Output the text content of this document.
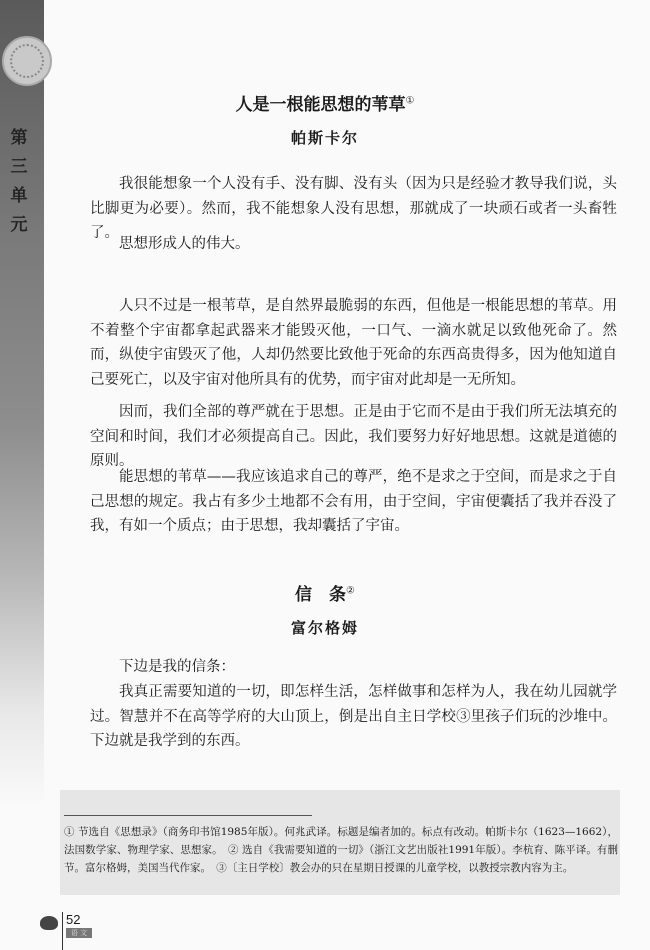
第三单元
人是一根能思想的苇草①
帕斯卡尔
我很能想象一个人没有手、没有脚、没有头（因为只是经验才教导我们说，头比脚更为必要）。然而，我不能想象人没有思想，那就成了一块顽石或者一头畜牲了。
思想形成人的伟大。
人只不过是一根苇草，是自然界最脆弱的东西，但他是一根能思想的苇草。用不着整个宇宙都拿起武器来才能毁灭他，一口气、一滴水就足以致他死命了。然而，纵使宇宙毁灭了他，人却仍然要比致他于死命的东西高贵得多，因为他知道自己要死亡，以及宇宙对他所具有的优势，而宇宙对此却是一无所知。
因而，我们全部的尊严就在于思想。正是由于它而不是由于我们所无法填充的空间和时间，我们才必须提高自己。因此，我们要努力好好地思想。这就是道德的原则。
能思想的苇草——我应该追求自己的尊严，绝不是求之于空间，而是求之于自己思想的规定。我占有多少土地都不会有用，由于空间，宇宙便囊括了我并吞没了我，有如一个质点；由于思想，我却囊括了宇宙。
信　条②
富尔格姆
下边是我的信条：
我真正需要知道的一切，即怎样生活，怎样做事和怎样为人，我在幼儿园就学过。智慧并不在高等学府的大山顶上，倒是出自主日学校③里孩子们玩的沙堆中。下边就是我学到的东西。
① 节选自《思想录》（商务印书馆1985年版）。何兆武译。标题是编者加的。标点有改动。帕斯卡尔（1623—1662），法国数学家、物理学家、思想家。　② 选自《我需要知道的一切》（浙江文艺出版社1991年版）。李杭育、陈平译。有删节。富尔格姆，美国当代作家。　③〔主日学校〕教会办的只在星期日授课的儿童学校，以教授宗教内容为主。
52
语 文
